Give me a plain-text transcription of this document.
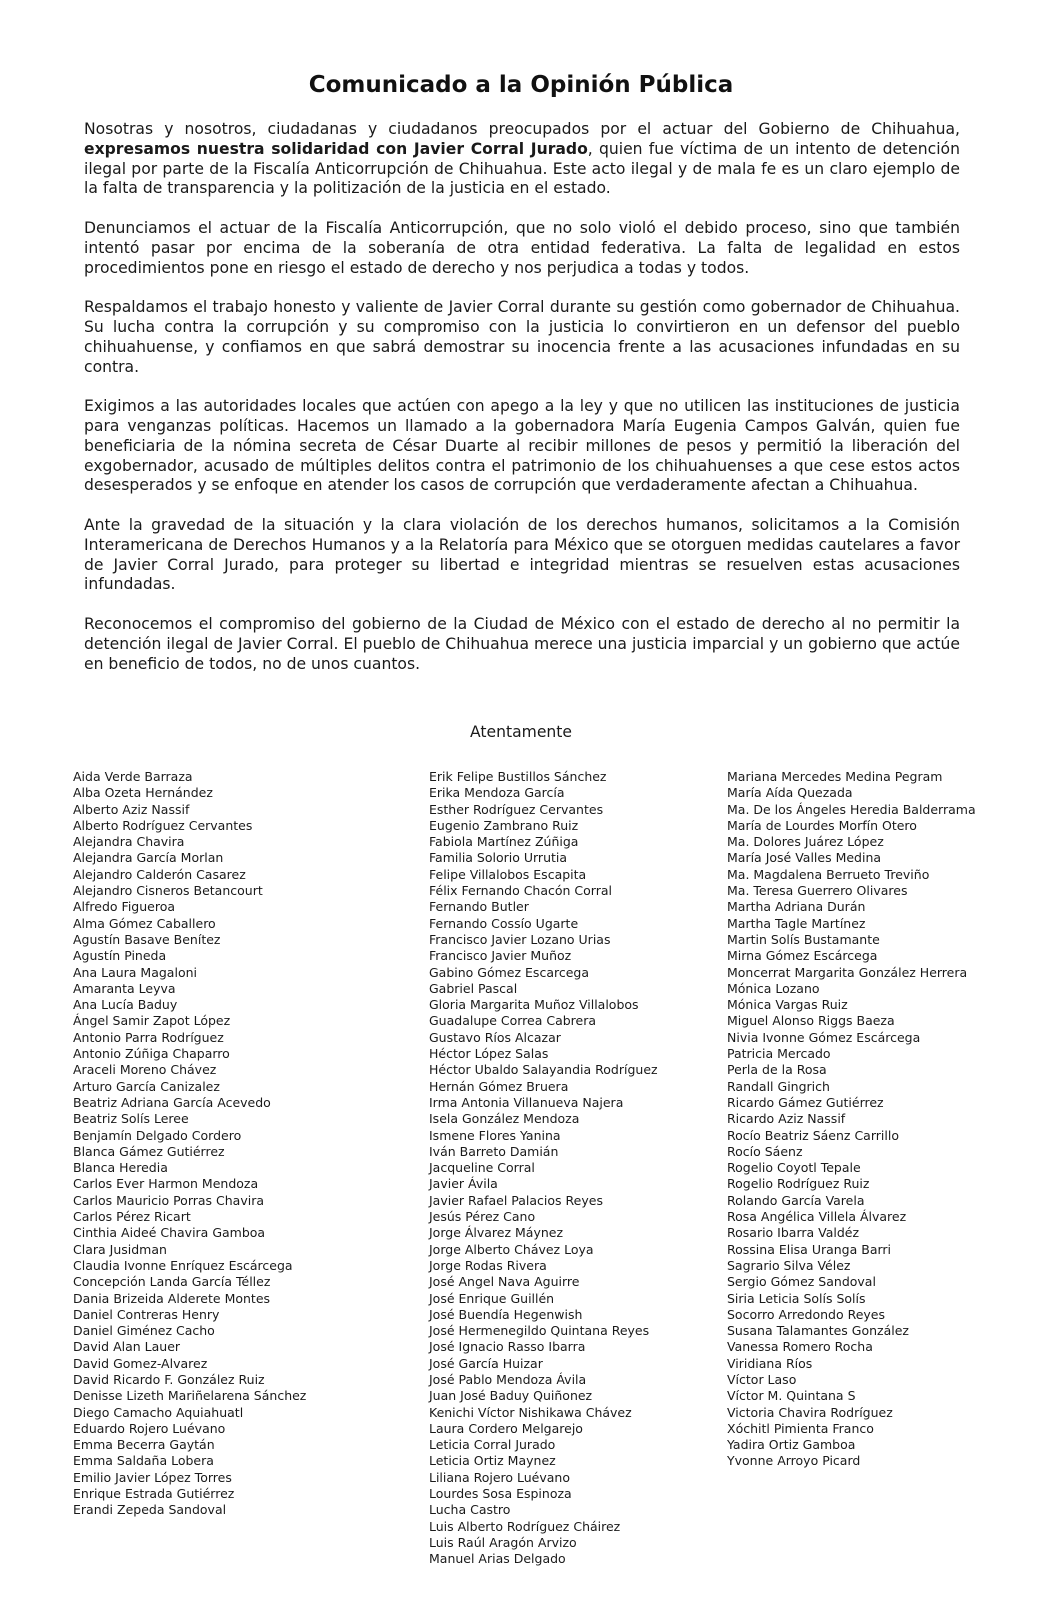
Comunicado a la Opinión Pública

Nosotras y nosotros, ciudadanas y ciudadanos preocupados por el actuar del Gobierno de Chihuahua, expresamos nuestra solidaridad con Javier Corral Jurado, quien fue víctima de un intento de detención ilegal por parte de la Fiscalía Anticorrupción de Chihuahua. Este acto ilegal y de mala fe es un claro ejemplo de la falta de transparencia y la politización de la justicia en el estado.

Denunciamos el actuar de la Fiscalía Anticorrupción, que no solo violó el debido proceso, sino que también intentó pasar por encima de la soberanía de otra entidad federativa. La falta de legalidad en estos procedimientos pone en riesgo el estado de derecho y nos perjudica a todas y todos.

Respaldamos el trabajo honesto y valiente de Javier Corral durante su gestión como gobernador de Chihuahua. Su lucha contra la corrupción y su compromiso con la justicia lo convirtieron en un defensor del pueblo chihuahuense, y confiamos en que sabrá demostrar su inocencia frente a las acusaciones infundadas en su contra.

Exigimos a las autoridades locales que actúen con apego a la ley y que no utilicen las instituciones de justicia para venganzas políticas. Hacemos un llamado a la gobernadora María Eugenia Campos Galván, quien fue beneficiaria de la nómina secreta de César Duarte al recibir millones de pesos y permitió la liberación del exgobernador, acusado de múltiples delitos contra el patrimonio de los chihuahuenses a que cese estos actos desesperados y se enfoque en atender los casos de corrupción que verdaderamente afectan a Chihuahua.

Ante la gravedad de la situación y la clara violación de los derechos humanos, solicitamos a la Comisión Interamericana de Derechos Humanos y a la Relatoría para México que se otorguen medidas cautelares a favor de Javier Corral Jurado, para proteger su libertad e integridad mientras se resuelven estas acusaciones infundadas.

Reconocemos el compromiso del gobierno de la Ciudad de México con el estado de derecho al no permitir la detención ilegal de Javier Corral. El pueblo de Chihuahua merece una justicia imparcial y un gobierno que actúe en beneficio de todos, no de unos cuantos.

Atentamente
Aida Verde Barraza
Alba Ozeta Hernández
Alberto Aziz Nassif
Alberto Rodríguez Cervantes
Alejandra Chavira
Alejandra García Morlan
Alejandro Calderón Casarez
Alejandro Cisneros Betancourt
Alfredo Figueroa
Alma Gómez Caballero
Agustín Basave Benítez
Agustín Pineda
Ana Laura Magaloni
Amaranta Leyva
Ana Lucía Baduy
Ángel Samir Zapot López
Antonio Parra Rodríguez
Antonio Zúñiga Chaparro
Araceli Moreno Chávez
Arturo García Canizalez
Beatriz Adriana García Acevedo
Beatriz Solís Leree
Benjamín Delgado Cordero
Blanca Gámez Gutiérrez
Blanca Heredia
Carlos Ever Harmon Mendoza
Carlos Mauricio Porras Chavira
Carlos Pérez Ricart
Cinthia Aideé Chavira Gamboa
Clara Jusidman
Claudia Ivonne Enríquez Escárcega
Concepción Landa García Téllez
Dania Brizeida Alderete Montes
Daniel Contreras Henry
Daniel Giménez Cacho
David Alan Lauer
David Gomez-Alvarez
David Ricardo F. González Ruiz
Denisse Lizeth Mariñelarena Sánchez
Diego Camacho Aquiahuatl
Eduardo Rojero Luévano
Emma Becerra Gaytán
Emma Saldaña Lobera
Emilio Javier López Torres
Enrique Estrada Gutiérrez
Erandi Zepeda Sandoval
Erik Felipe Bustillos Sánchez
Erika Mendoza García
Esther Rodríguez Cervantes
Eugenio Zambrano Ruiz
Fabiola Martínez Zúñiga
Familia Solorio Urrutia
Felipe Villalobos Escapita
Félix Fernando Chacón Corral
Fernando Butler
Fernando Cossío Ugarte
Francisco Javier Lozano Urias
Francisco Javier Muñoz
Gabino Gómez Escarcega
Gabriel Pascal
Gloria Margarita Muñoz Villalobos
Guadalupe Correa Cabrera
Gustavo Ríos Alcazar
Héctor López Salas
Héctor Ubaldo Salayandia Rodríguez
Hernán Gómez Bruera
Irma Antonia Villanueva Najera
Isela González Mendoza
Ismene Flores Yanina
Iván Barreto Damián
Jacqueline Corral
Javier Ávila
Javier Rafael Palacios Reyes
Jesús Pérez Cano
Jorge Álvarez Máynez
Jorge Alberto Chávez Loya
Jorge Rodas Rivera
José Angel Nava Aguirre
José Enrique Guillén
José Buendía Hegenwish
José Hermenegildo Quintana Reyes
José Ignacio Rasso Ibarra
José García Huizar
José Pablo Mendoza Ávila
Juan José Baduy Quiñonez
Kenichi Víctor Nishikawa Chávez
Laura Cordero Melgarejo
Leticia Corral Jurado
Leticia Ortiz Maynez
Liliana Rojero Luévano
Lourdes Sosa Espinoza
Lucha Castro
Luis Alberto Rodríguez Cháirez
Luis Raúl Aragón Arvizo
Manuel Arias Delgado
Mariana Mercedes Medina Pegram
María Aída Quezada
Ma. De los Ángeles Heredia Balderrama
María de Lourdes Morfín Otero
Ma. Dolores Juárez López
María José Valles Medina
Ma. Magdalena Berrueto Treviño
Ma. Teresa Guerrero Olivares
Martha Adriana Durán
Martha Tagle Martínez
Martin Solís Bustamante
Mirna Gómez Escárcega
Moncerrat Margarita González Herrera
Mónica Lozano
Mónica Vargas Ruiz
Miguel Alonso Riggs Baeza
Nivia Ivonne Gómez Escárcega
Patricia Mercado
Perla de la Rosa
Randall Gingrich
Ricardo Gámez Gutiérrez
Ricardo Aziz Nassif
Rocío Beatriz Sáenz Carrillo
Rocío Sáenz
Rogelio Coyotl Tepale
Rogelio Rodríguez Ruiz
Rolando García Varela
Rosa Angélica Villela Álvarez
Rosario Ibarra Valdéz
Rossina Elisa Uranga Barri
Sagrario Silva Vélez
Sergio Gómez Sandoval
Siria Leticia Solís Solís
Socorro Arredondo Reyes
Susana Talamantes González
Vanessa Romero Rocha
Viridiana Ríos
Víctor Laso
Víctor M. Quintana S
Victoria Chavira Rodríguez
Xóchitl Pimienta Franco
Yadira Ortiz Gamboa
Yvonne Arroyo Picard
